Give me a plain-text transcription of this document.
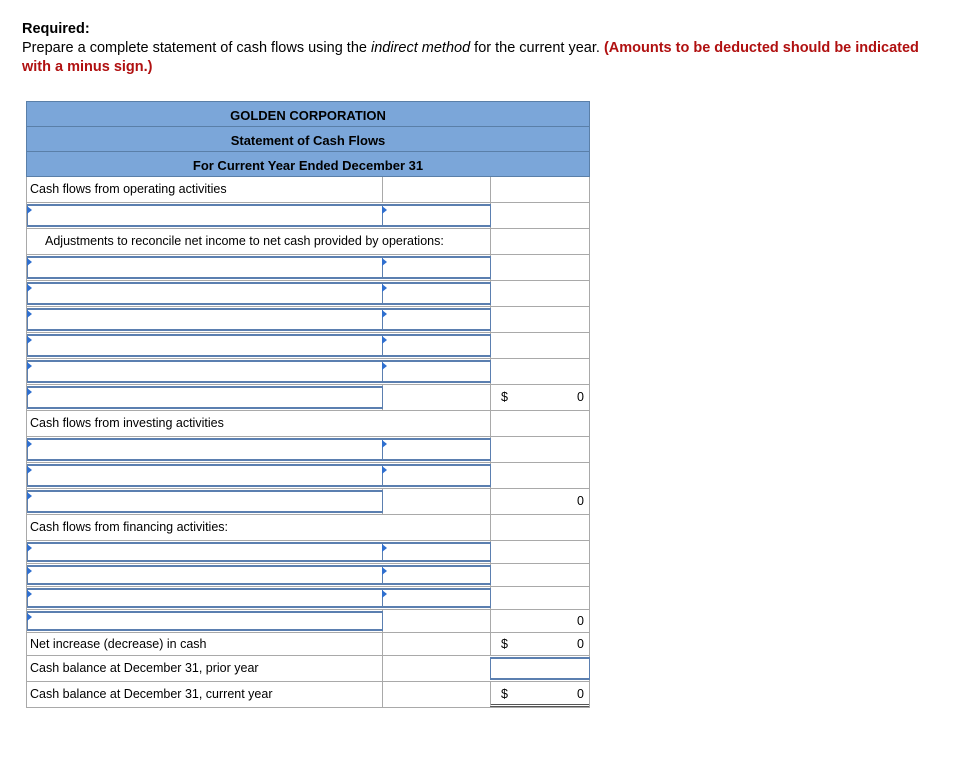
Required:
Prepare a complete statement of cash flows using the indirect method for the current year. (Amounts to be deducted should be indicated with a minus sign.)
GOLDEN CORPORATION
Statement of Cash Flows
For Current Year Ended December 31
Cash flows from operating activities
Adjustments to reconcile net income to net cash provided by operations:
$	0
Cash flows from investing activities
0
Cash flows from financing activities:
0
Net increase (decrease) in cash	$	0
Cash balance at December 31, prior year
Cash balance at December 31, current year	$	0
